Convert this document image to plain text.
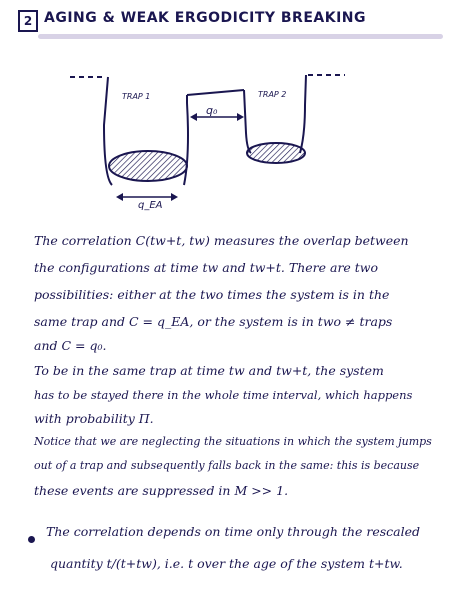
2 AGING & WEAK ERGODICITY BREAKING
TRAP 1	TRAP 2
q₀
q_EA
The correlation C(tw+t, tw) measures the overlap between
the configurations at time tw and tw+t. There are two
possibilities: either at the two times the system is in the
same trap and C = q_EA, or the system is in two ≠ traps
and C = q₀.
To be in the same trap at time tw and tw+t, the system
has to be stayed there in the whole time interval, which happens
with probability Π.
Notice that we are neglecting the situations in which the system jumps
out of a trap and subsequently falls back in the same: this is because
these events are suppressed in M >> 1.
The correlation depends on time only through the rescaled
quantity t/(t+tw), i.e. t over the age of the system t+tw.
